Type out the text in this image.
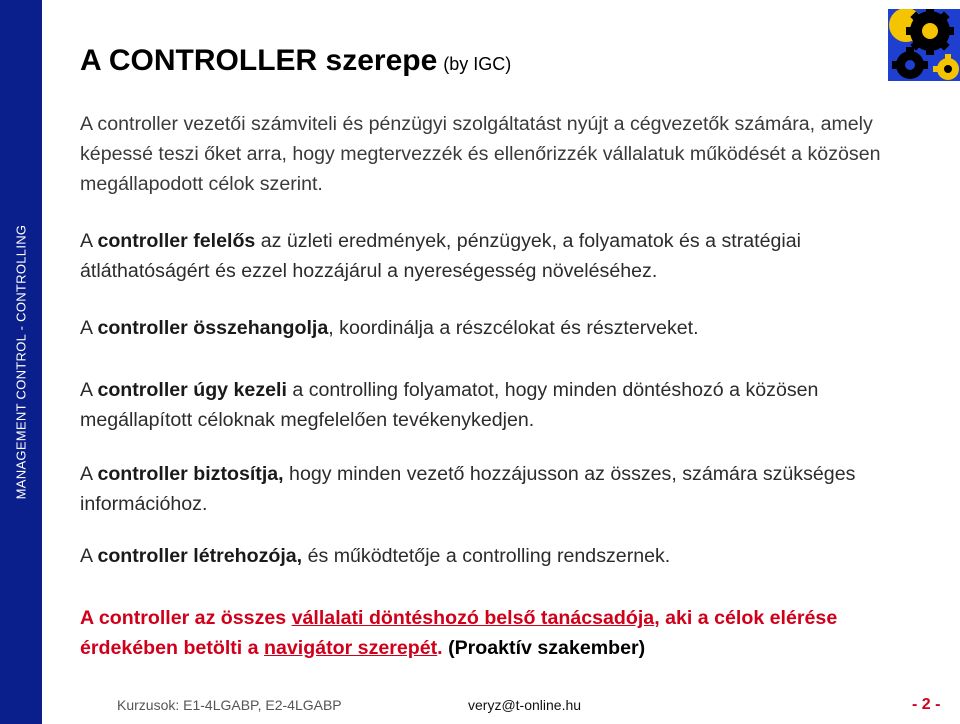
MANAGEMENT CONTROL - CONTROLLING
A CONTROLLER szerepe (by IGC)

A controller vezetői számviteli és pénzügyi szolgáltatást nyújt a cégvezetők számára, amely képessé teszi őket arra, hogy megtervezzék és ellenőrizzék vállalatuk működését a közösen megállapodott célok szerint.

A controller felelős az üzleti eredmények, pénzügyek, a folyamatok és a stratégiai átláthatóságért és ezzel hozzájárul a nyereségesség növeléséhez.

A controller összehangolja, koordinálja a részcélokat és részterveket.

A controller úgy kezeli a controlling folyamatot, hogy minden döntéshozó a közösen megállapított céloknak megfelelően tevékenykedjen.

A controller biztosítja, hogy minden vezető hozzájusson az összes, számára szükséges információhoz.

A controller létrehozója, és működtetője a controlling rendszernek.

A controller az összes vállalati döntéshozó belső tanácsadója, aki a célok elérése érdekében betölti a navigátor szerepét. (Proaktív szakember)

Kurzusok: E1-4LGABP, E2-4LGABP	veryz@t-online.hu	- 2 -
